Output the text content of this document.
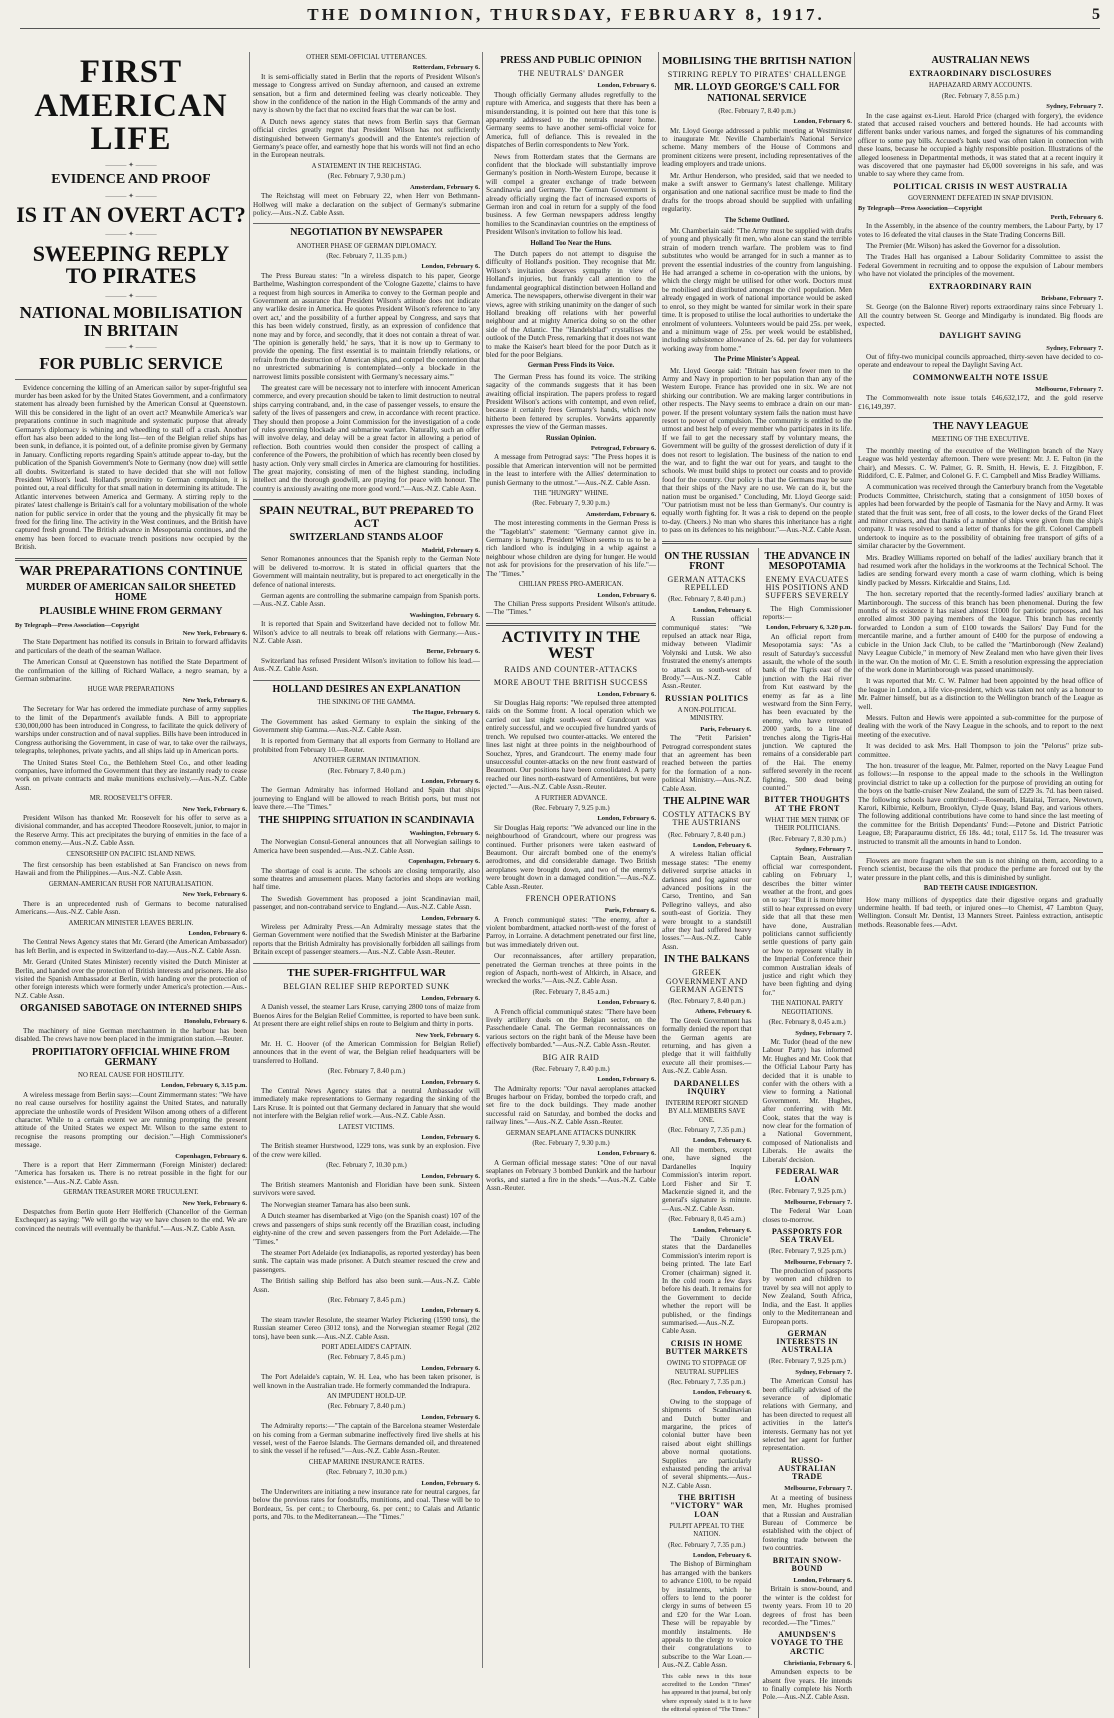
THE DOMINION, THURSDAY, FEBRUARY 8, 1917.	5
FIRST AMERICAN LIFE
——— ✦ ———
EVIDENCE AND PROOF
——— ✦ ———
IS IT AN OVERT ACT?
——— ✦ ———
SWEEPING REPLY TO PIRATES
——— ✦ ———
NATIONAL MOBILISATION IN BRITAIN
——— ✦ ———
FOR PUBLIC SERVICE

Evidence concerning the killing of an American sailor by super-frightful sea murder has been asked for by the United States Government, and a confirmatory statement has already been furnished by the American Consul at Queenstown. Will this be considered in the light of an overt act? Meanwhile America's war preparations continue in such magnitude and systematic purpose that already Germany's diplomacy is whining and wheedling to stall off a crash. Another effort has also been added to the long list—ten of the Belgian relief ships has been sunk, in defiance, it is pointed out, of a definite promise given by Germany in January. Conflicting reports regarding Spain's attitude appear to-day, but the publication of the Spanish Government's Note to Germany (now due) will settle all doubts. Switzerland is stated to have decided that she will not follow President Wilson's lead. Holland's proximity to German compulsion, it is pointed out, a real difficulty for that small nation in determining its attitude. The Atlantic intervenes between America and Germany. A stirring reply to the pirates' latest challenge is Britain's call for a voluntary mobilisation of the whole nation for public service in order that the young and the physically fit may be freed for the firing line. The activity in the West continues, and the British have captured fresh ground. The British advance in Mesopotamia continues, and the enemy has been forced to evacuate trench positions now occupied by the British.

WAR PREPARATIONS CONTINUE
MURDER OF AMERICAN SAILOR SHEETED HOME
PLAUSIBLE WHINE FROM GERMANY
By Telegraph—Press Association—Copyright
New York, February 6.

The State Department has notified its consuls in Britain to forward affidavits and particulars of the death of the seaman Wallace.

The American Consul at Queenstown has notified the State Department of the confirmation of the killing of Richard Wallace, a negro seaman, by a German submarine.

HUGE WAR PREPARATIONS
New York, February 6.

The Secretary for War has ordered the immediate purchase of army supplies to the limit of the Department's available funds. A Bill to appropriate £30,000,000 has been introduced in Congress, to facilitate the quick delivery of warships under construction and of naval supplies. Bills have been introduced in Congress authorising the Government, in case of war, to take over the railways, telegraphs, telephones, private yachts, and all ships laid up in American ports.

The United States Steel Co., the Bethlehem Steel Co., and other leading companies, have informed the Government that they are instantly ready to cease work on private contracts and make munitions exclusively.—Aus.-N.Z. Cable Assn.

MR. ROOSEVELT'S OFFER.
New York, February 6.

President Wilson has thanked Mr. Roosevelt for his offer to serve as a divisional commander, and has accepted Theodore Roosevelt, junior, to major in the Reserve Army. This act precipitates the burying of enmities in the face of a common enemy.—Aus.-N.Z. Cable Assn.

CENSORSHIP ON PACIFIC ISLAND NEWS.

The first censorship has been established at San Francisco on news from Hawaii and from the Philippines.—Aus.-N.Z. Cable Assn.

GERMAN-AMERICAN RUSH FOR NATURALISATION.
New York, February 6.

There is an unprecedented rush of Germans to become naturalised Americans.—Aus.-N.Z. Cable Assn.

AMERICAN MINISTER LEAVES BERLIN.
London, February 6.

The Central News Agency states that Mr. Gerard (the American Ambassador) has left Berlin, and is expected in Switzerland to-day.—Aus.-N.Z. Cable Assn.

Mr. Gerard (United States Minister) recently visited the Dutch Minister at Berlin, and handed over the protection of British interests and prisoners. He also visited the Spanish Ambassador at Berlin, with handing over the protection of other foreign interests which were formerly under America's protection.—Aus.-N.Z. Cable Assn.

ORGANISED SABOTAGE ON INTERNED SHIPS
Honolulu, February 6.

The machinery of nine German merchantmen in the harbour has been disabled. The crews have now been placed in the immigration station.—Reuter.

PROPITIATORY OFFICIAL WHINE FROM GERMANY
NO REAL CAUSE FOR HOSTILITY.
London, February 6, 3.15 p.m.

A wireless message from Berlin says:—Count Zimmermann states: "We have no real cause ourselves for hostility against the United States, and naturally appreciate the unhostile words of President Wilson among others of a different character. While to a certain extent we are running prompting the present attitude of the United States we expect Mr. Wilson to the same extent to recognise the reasons prompting our decision."—High Commissioner's message.

Copenhagen, February 6.

There is a report that Herr Zimmermann (Foreign Minister) declared: "America has forsaken us. There is no retreat possible in the fight for our existence."—Aus.-N.Z. Cable Assn.

GERMAN TREASURER MORE TRUCULENT.
New York, February 6.

Despatches from Berlin quote Herr Helfferich (Chancellor of the German Exchequer) as saying: "We will go the way we have chosen to the end. We are convinced the neutrals will eventually be thankful."—Aus.-N.Z. Cable Assn.

OTHER SEMI-OFFICIAL UTTERANCES.
Rotterdam, February 6.

It is semi-officially stated in Berlin that the reports of President Wilson's message to Congress arrived on Sunday afternoon, and caused an extreme sensation, but a firm and determined feeling was clearly noticeable. They show in the confidence of the nation in the High Commands of the army and navy is shown by the fact that no excited fears that the war can be lost.

A Dutch news agency states that news from Berlin says that German official circles greatly regret that President Wilson has not sufficiently distinguished between Germany's goodwill and the Entente's rejection of Germany's peace offer, and earnestly hope that his words will not find an echo in the European neutrals.

A STATEMENT IN THE REICHSTAG.
(Rec. February 7, 9.30 p.m.)
Amsterdam, February 6.

The Reichstag will meet on February 22, when Herr von Bethmann-Hollweg will make a declaration on the subject of Germany's submarine policy.—Aus.-N.Z. Cable Assn.

NEGOTIATION BY NEWSPAPER
ANOTHER PHASE OF GERMAN DIPLOMACY.
(Rec. February 7, 11.35 p.m.)
London, February 6.

The Press Bureau states: "In a wireless dispatch to his paper, George Barthelme, Washington correspondent of the 'Cologne Gazette,' claims to have a request from high sources in Amerika to convey to the German people and Government an assurance that President Wilson's attitude does not indicate any warlike desire in America. He quotes President Wilson's reference to 'any overt act,' and the possibility of a further appeal by Congress, and says that this has been widely construed, firstly, as an expression of confidence that none may and by force, and secondly, that it does not contain a threat of war. 'The opinion is generally held,' he says, 'that it is now up to Germany to provide the opening. The first essential is to maintain friendly relations, or refrain from the destruction of American ships, and compel the contention that no unrestricted submarining is contemplated—only a blockade in the narrowest limits possible consistent with Germany's necessary aims.'"

The greatest care will be necessary not to interfere with innocent American commerce, and every precaution should be taken to limit destruction to neutral ships carrying contraband, and, in the case of passenger vessels, to ensure the safety of the lives of passengers and crew, in accordance with recent practice. They should then propose a Joint Commission for the investigation of a code of rules governing blockade and submarine warfare. Naturally, such an offer will involve delay, and delay will be a great factor in allowing a period of reflection. Both countries would then consider the prospect of calling a conference of the Powers, the prohibition of which has recently been closed by hasty action. Only very small circles in America are clamouring for hostilities. The great majority, consisting of men of the highest standing, including intellect and the thorough goodwill, are praying for peace with honour. The country is anxiously awaiting one more good word."—Aus.-N.Z. Cable Assn.

SPAIN NEUTRAL, BUT PREPARED TO ACT
SWITZERLAND STANDS ALOOF
Madrid, February 6.

Senor Romanones announces that the Spanish reply to the German Note will be delivered to-morrow. It is stated in official quarters that the Government will maintain neutrality, but is prepared to act energetically in the defence of national interests.

German agents are controlling the submarine campaign from Spanish ports.—Aus.-N.Z. Cable Assn.

Washington, February 6.

It is reported that Spain and Switzerland have decided not to follow Mr. Wilson's advice to all neutrals to break off relations with Germany.—Aus.-N.Z. Cable Assn.

Berne, February 6.

Switzerland has refused President Wilson's invitation to follow his lead.—Aus.-N.Z. Cable Assn.

HOLLAND DESIRES AN EXPLANATION
THE SINKING OF THE GAMMA.
The Hague, February 6.

The Government has asked Germany to explain the sinking of the Government ship Gamma.—Aus.-N.Z. Cable Assn.

It is reported from Germany that all exports from Germany to Holland are prohibited from February 10.—Reuter.

ANOTHER GERMAN INTIMATION.
(Rec. February 7, 8.40 p.m.)
London, February 6.

The German Admiralty has informed Holland and Spain that ships journeying to England will be allowed to reach British ports, but must not leave there.—The "Times."

THE SHIPPING SITUATION IN SCANDINAVIA
Washington, February 6.

The Norwegian Consul-General announces that all Norwegian sailings to America have been suspended.—Aus.-N.Z. Cable Assn.

Copenhagen, February 6.

The shortage of coal is acute. The schools are closing temporarily, also some theatres and amusement places. Many factories and shops are working half time.

The Swedish Government has proposed a joint Scandinavian mail, passenger, and non-contraband service to England.—Aus.-N.Z. Cable Assn.

London, February 6.

Wireless per Admiralty Press.—An Admiralty message states that the German Government were notified that the Swedish Minister at the Barbarine reports that the British Admiralty has provisionally forbidden all sailings from Britain except of passenger steamers.—Aus.-N.Z. Cable Assn.-Reuter.

THE SUPER-FRIGHTFUL WAR
BELGIAN RELIEF SHIP REPORTED SUNK
London, February 6.

A Danish vessel, the steamer Lars Kruse, carrying 2800 tons of maize from Buenos Aires for the Belgian Relief Committee, is reported to have been sunk. At present there are eight relief ships en route to Belgium and thirty in ports.

New York, February 6.

Mr. H. C. Hoover (of the American Commission for Belgian Relief) announces that in the event of war, the Belgian relief headquarters will be transferred to Holland.

(Rec. February 7, 8.40 p.m.)
London, February 6.

The Central News Agency states that a neutral Ambassador will immediately make representations to Germany regarding the sinking of the Lars Kruse. It is pointed out that Germany declared in January that she would not interfere with the Belgian relief work.—Aus.-N.Z. Cable Assn.

LATEST VICTIMS.
London, February 6.

The British steamer Hurstwood, 1229 tons, was sunk by an explosion. Five of the crew were killed.

(Rec. February 7, 10.30 p.m.)
London, February 6.

The British steamers Mantonish and Floridian have been sunk. Sixteen survivors were saved.

The Norwegian steamer Tamara has also been sunk.

A Dutch steamer has disembarked at Vigo (on the Spanish coast) 107 of the crews and passengers of ships sunk recently off the Brazilian coast, including eighty-nine of the crew and seven passengers from the Port Adelaide.—The "Times."

The steamer Port Adelaide (ex Indianapolis, as reported yesterday) has been sunk. The captain was made prisoner. A Dutch steamer rescued the crew and passengers.

The British sailing ship Belford has also been sunk.—Aus.-N.Z. Cable Assn.

(Rec. February 7, 8.45 p.m.)
London, February 6.

The steam trawler Resolute, the steamer Warley Pickering (1590 tons), the Russian steamer Cereo (3012 tons), and the Norwegian steamer Regal (202 tons), have been sunk.—Aus.-N.Z. Cable Assn.

PORT ADELAIDE'S CAPTAIN.
(Rec. February 7, 8.45 p.m.)
London, February 6.

The Port Adelaide's captain, W. H. Lea, who has been taken prisoner, is well known in the Australian trade. He formerly commanded the Indrapura.

AN IMPUDENT HOLD-UP.
(Rec. February 7, 8.40 p.m.)
London, February 6.

The Admiralty reports:—"The captain of the Barcelona steamer Westerdale on his coming from a German submarine ineffectively fired live shells at his vessel, west of the Faeroe Islands. The Germans demanded oil, and threatened to sink the vessel if he refused."—Aus.-N.Z. Cable Assn.-Reuter.

CHEAP MARINE INSURANCE RATES.
(Rec. February 7, 10.30 p.m.)
London, February 6.

The Underwriters are initiating a new insurance rate for neutral cargoes, far below the previous rates for foodstuffs, munitions, and coal. These will be to Bordeaux, 5s. per cent.; to Cherbourg, 6s. per cent.; to Calais and Atlantic ports, and 70s. to the Mediterranean.—The "Times."

PRESS AND PUBLIC OPINION
THE NEUTRALS' DANGER
London, February 6.

Though officially Germany alludes regretfully to the rupture with America, and suggests that there has been a misunderstanding, it is pointed out here that this tone is apparently addressed to the neutrals nearer home. Germany seems to have another semi-official voice for America, full of defiance. This is revealed in the dispatches of Berlin correspondents to New York.

News from Rotterdam states that the Germans are confident that the blockade will substantially improve Germany's position in North-Western Europe, because it will compel a greater exchange of trade between Scandinavia and Germany. The German Government is already officially urging the fact of increased exports of German iron and coal in return for a supply of the food business. A few German newspapers address lengthy homilies to the Scandinavian countries on the emptiness of President Wilson's invitation to follow his lead.

Holland Too Near the Huns.

The Dutch papers do not attempt to disguise the difficulty of Holland's position. They recognise that Mr. Wilson's invitation deserves sympathy in view of Holland's injuries, but frankly call attention to the fundamental geographical distinction between Holland and America. The newspapers, otherwise divergent in their war views, agree with striking unanimity on the danger of such Holland breaking off relations with her powerful neighbour and at mighty America doing so on the other side of the Atlantic. The "Handelsblad" crystallises the outlook of the Dutch Press, remarking that it does not want to make the Kaiser's heart bleed for the poor Dutch as it bled for the poor Belgians.

German Press Finds its Voice.

The German Press has found its voice. The striking sagacity of the commands suggests that it has been awaiting official inspiration. The papers profess to regard President Wilson's actions with contempt, and even relief, because it certainly frees Germany's hands, which now hitherto been fettered by scruples. Vorwärts apparently expresses the view of the German masses.

Russian Opinion.
Petrograd, February 6.

A message from Petrograd says: "The Press hopes it is possible that American intervention will not be permitted in the least to interfere with the Allies' determination to punish Germany to the utmost."—Aus.-N.Z. Cable Assn.

THE "HUNGRY" WHINE.
(Rec. February 7, 9.30 p.m.)
Amsterdam, February 6.

The most interesting comments in the German Press is the "Tageblatt's" statement: "Germany cannot give in. Germany is hungry. President Wilson seems to us to be a rich landlord who is indulging in a whip against a neighbour whose children are dying for hunger. He would not ask for provisions for the preservation of his life."—The "Times."

CHILIAN PRESS PRO-AMERICAN.
London, February 6.

The Chilian Press supports President Wilson's attitude.—The "Times."

ACTIVITY IN THE WEST
RAIDS AND COUNTER-ATTACKS
MORE ABOUT THE BRITISH SUCCESS
London, February 6.

Sir Douglas Haig reports: "We repulsed three attempted raids on the Somme front. A local operation which we carried out last night south-west of Grandcourt was entirely successful, and we occupied five hundred yards of trench. We repulsed two counter-attacks. We entered the lines last night at three points in the neighbourhood of Souchez, Ypres, and Grandcourt. The enemy made four unsuccessful counter-attacks on the new front eastward of Beaumont. Our positions have been consolidated. A party reached our lines north-eastward of Armentières, but were ejected."—Aus.-N.Z. Cable Assn.-Reuter.

A FURTHER ADVANCE.
(Rec. February 7, 9.25 p.m.)
London, February 6.

Sir Douglas Haig reports: "We advanced our line in the neighbourhood of Grandcourt, where our progress was continued. Further prisoners were taken eastward of Beaumont. Our aircraft bombed one of the enemy's aerodromes, and did considerable damage. Two British aeroplanes were brought down, and two of the enemy's were brought down in a damaged condition."—Aus.-N.Z. Cable Assn.-Reuter.

FRENCH OPERATIONS
Paris, February 6.

A French communiqué states: "The enemy, after a violent bombardment, attacked north-west of the forest of Parroy, in Lorraine. A detachment penetrated our first line, but was immediately driven out.

Our reconnaissances, after artillery preparation, penetrated the German trenches at three points in the region of Aspach, north-west of Altkirch, in Alsace, and wrecked the works."—Aus.-N.Z. Cable Assn.

(Rec. February 7, 8.45 a.m.)
London, February 6.

A French official communiqué states: "There have been lively artillery duels on the Belgian sector, on the Passchendaele Canal. The German reconnaissances on various sectors on the right bank of the Meuse have been effectively bombarded."—Aus.-N.Z. Cable Assn.-Reuter.

BIG AIR RAID
(Rec. February 7, 8.40 p.m.)
London, February 6.

The Admiralty reports: "Our naval aeroplanes attacked Bruges harbour on Friday, bombed the torpedo craft, and set fire to the dock buildings. They made another successful raid on Saturday, and bombed the docks and railway lines."—Aus.-N.Z. Cable Assn.-Reuter.

GERMAN SEAPLANE ATTACKS DUNKIRK
(Rec. February 7, 9.30 p.m.)
London, February 6.

A German official message states: "One of our naval seaplanes on February 3 bombed Dunkirk and the harbour works, and started a fire in the sheds."—Aus.-N.Z. Cable Assn.-Reuter.

MOBILISING THE BRITISH NATION
STIRRING REPLY TO PIRATES' CHALLENGE
MR. LLOYD GEORGE'S CALL FOR NATIONAL SERVICE
(Rec. February 7, 8.40 p.m.)
London, February 6.

Mr. Lloyd George addressed a public meeting at Westminster to inaugurate Mr. Neville Chamberlain's National Service scheme. Many members of the House of Commons and prominent citizens were present, including representatives of the leading employers and trade unions.

Mr. Arthur Henderson, who presided, said that we needed to make a swift answer to Germany's latest challenge. Military organisation and one national sacrifice must be made to find the drafts for the troops abroad should be supplied with unfailing regularity.

The Scheme Outlined.

Mr. Chamberlain said: "The Army must be supplied with drafts of young and physically fit men, who alone can stand the terrible strain of modern trench warfare. The problem was to find substitutes who would be arranged for in such a manner as to prevent the essential industries of the country from languishing. He had arranged a scheme in co-operation with the unions, by which the clergy might be utilised for other work. Doctors must be mobilised and distributed amongst the civil population. Men already engaged in work of national importance would be asked to enrol, so they might be wanted for similar work in their spare time. It is proposed to utilise the local authorities to undertake the enrolment of volunteers. Volunteers would be paid 25s. per week, and a minimum wage of 25s. per week would be established, including subsistence allowance of 2s. 6d. per day for volunteers working away from home."

The Prime Minister's Appeal.

Mr. Lloyd George said: "Britain has seen fewer men to the Army and Navy in proportion to her population than any of the Western Europe. France has provided one in six. We are not shirking our contribution. We are making larger contributions in other respects. The Navy seems to embrace a drain on our man-power. If the present voluntary system fails the nation must have resort to power of compulsion. The community is entitled to the utmost and best help of every member who participates in its life. If we fail to get the necessary staff by voluntary means, the Government will be guilty of the grossest dereliction of duty if it does not resort to legislation. The business of the nation to end the war, and to fight the war out for years, and taught to the schools. We must build ships to protect our coasts and to provide food for the country. Our policy is that the Germans may be sure that their ships of the Navy are no use. We can do it, but the nation must be organised." Concluding, Mr. Lloyd George said: "Our patriotism must not be less than Germany's. Our country is equally worth fighting for. It was a risk to depend on the people to-day. (Cheers.) No man who shares this inheritance has a right to pass on its defences to his neighbour."—Aus.-N.Z. Cable Assn.

ON THE RUSSIAN FRONT
GERMAN ATTACKS REPELLED
(Rec. February 7, 8.40 p.m.)
London, February 6.

A Russian official communiqué states: "We repulsed an attack near Riga, midway between Vladimir Volynski and Lutsk. We also frustrated the enemy's attempts to attack us south-west of Brody."—Aus.-N.Z. Cable Assn.-Reuter.

RUSSIAN POLITICS
A NON-POLITICAL MINISTRY.
Paris, February 6.

The "Petit Parisien" Petrograd correspondent states that an agreement has been reached between the parties for the formation of a non-political Ministry.—Aus.-N.Z. Cable Assn.

THE ALPINE WAR
COSTLY ATTACKS BY THE AUSTRIANS
(Rec. February 7, 8.40 p.m.)
London, February 6.

A wireless Italian official message states: "The enemy delivered surprise attacks in darkness and fog against our advanced positions in the Carso, Trentino, and San Pellegrino valleys, and also south-east of Gorizia. They were brought to a standstill after they had suffered heavy losses."—Aus.-N.Z. Cable Assn.

IN THE BALKANS
GREEK GOVERNMENT AND GERMAN AGENTS
(Rec. February 7, 8.40 p.m.)
Athens, February 6.

The Greek Government has formally denied the report that the German agents are returning, and has given a pledge that it will faithfully execute all their promises.—Aus.-N.Z. Cable Assn.

DARDANELLES INQUIRY
INTERIM REPORT SIGNED BY ALL MEMBERS SAVE ONE.
(Rec. February 7, 7.35 p.m.)
London, February 6.

All the members, except one, have signed the Dardanelles Inquiry Commission's interim report. Lord Fisher and Sir T. Mackenzie signed it, and the general's signature is minute.—Aus.-N.Z. Cable Assn.

(Rec. February 8, 0.45 a.m.)
London, February 6.

The "Daily Chronicle" states that the Dardanelles Commission's interim report is being printed. The late Earl Cromer (chairman) signed it. In the cold room a few days before his death. It remains for the Government to decide whether the report will be published, or the findings summarised.—Aus.-N.Z. Cable Assn.

CRISIS IN HOME BUTTER MARKETS
OWING TO STOPPAGE OF NEUTRAL SUPPLIES
(Rec. February 7, 7.35 p.m.)
London, February 6.

Owing to the stoppage of shipments of Scandinavian and Dutch butter and margarine, the prices of colonial butter have been raised about eight shillings above normal quotations. Supplies are particularly exhausted pending the arrival of several shipments.—Aus.-N.Z. Cable Assn.

THE BRITISH "VICTORY" WAR LOAN
PULPIT APPEAL TO THE NATION.
(Rec. February 7, 7.35 p.m.)
London, February 6.

The Bishop of Birmingham has arranged with the bankers to advance £100, to be repaid by instalments, which he offers to lend to the poorer clergy in sums of between £5 and £20 for the War Loan. These will be repayable by monthly instalments. He appeals to the clergy to voice their congratulations to subscribe to the War Loan.—Aus.-N.Z. Cable Assn.

This cable news in this issue accredited to the London "Times" has appeared in that journal, but only where expressly stated is it to have the editorial opinion of "The Times."

THE ADVANCE IN MESOPOTAMIA
ENEMY EVACUATES HIS POSITIONS AND SUFFERS SEVERELY

The High Commissioner reports:—

London, February 6, 3.20 p.m.

An official report from Mesopotamia says: "As a result of Saturday's successful assault, the whole of the south bank of the Tigris east of the junction with the Hai river from Kut eastward by the enemy as far as a line westward from the Sinn Ferry, has been evacuated by the enemy, who have retreated 2000 yards, to a line of trenches along the Tigris-Hai junction. We captured the remains of a considerable part of the Hai. The enemy suffered severely in the recent fighting, 500 dead being counted."

BITTER THOUGHTS AT THE FRONT
WHAT THE MEN THINK OF THEIR POLITICIANS.
(Rec. February 7, 8.30 p.m.)
Sydney, February 7.

Captain Bean, Australian official war correspondent, cabling on February 1, describes the bitter winter weather at the front, and goes on to say: "But it is more bitter still to hear expressed on every side that all that these men have done, Australian politicians cannot sufficiently settle questions of party gain or how to represent vitally in the Imperial Conference their common Australian ideals of justice and right which they have been fighting and dying for."

THE NATIONAL PARTY NEGOTIATIONS.
(Rec. February 8, 0.45 a.m.)
Sydney, February 7.

Mr. Tudor (head of the new Labour Party) has informed Mr. Hughes and Mr. Cook that the Official Labour Party has decided that it is unable to confer with the others with a view to forming a National Government. Mr. Hughes, after conferring with Mr. Cook, states that the way is now clear for the formation of a National Government, composed of Nationalists and Liberals. He awaits the Liberals' decision.

FEDERAL WAR LOAN
(Rec. February 7, 9.25 p.m.)
Melbourne, February 7.

The Federal War Loan closes to-morrow.

PASSPORTS FOR SEA TRAVEL
(Rec. February 7, 9.25 p.m.)
Melbourne, February 7.

The production of passports by women and children to travel by sea will not apply to New Zealand, South Africa, India, and the East. It applies only to the Mediterranean and European ports.

GERMAN INTERESTS IN AUSTRALIA
(Rec. February 7, 9.25 p.m.)
Sydney, February 7.

The American Consul has been officially advised of the severance of diplomatic relations with Germany, and has been directed to request all activities in the latter's interests. Germany has not yet selected her agent for further representation.

RUSSO-AUSTRALIAN TRADE
Melbourne, February 7.

At a meeting of business men, Mr. Hughes promised that a Russian and Australian Bureau of Commerce be established with the object of fostering trade between the two countries.

BRITAIN SNOW-BOUND
London, February 6.

Britain is snow-bound, and the winter is the coldest for twenty years. From 10 to 20 degrees of frost has been recorded.—The "Times."

AMUNDSEN'S VOYAGE TO THE ARCTIC
Christiania, February 6.

Amundsen expects to be absent five years. He intends to finally complete his North Pole.—Aus.-N.Z. Cable Assn.

AUSTRALIAN NEWS
EXTRAORDINARY DISCLOSURES
HAPHAZARD ARMY ACCOUNTS.
(Rec. February 7, 8.55 p.m.)
Sydney, February 7.

In the case against ex-Lieut. Harold Price (charged with forgery), the evidence stated that accused raised vouchers and bettered hounds. He had accounts with different banks under various names, and forged the signatures of his commanding officer to some pay bills. Accused's bank used was often taken in connection with these loans, because he occupied a highly responsible position. Illustrations of the alleged looseness in Departmental methods, it was stated that at a recent inquiry it was discovered that one paymaster had £6,000 sovereigns in his safe, and was unable to say where they came from.

POLITICAL CRISIS IN WEST AUSTRALIA
GOVERNMENT DEFEATED IN SNAP DIVISION.
By Telegraph—Press Association—Copyright
Perth, February 6.

In the Assembly, in the absence of the country members, the Labour Party, by 17 votes to 16 defeated the vital clauses in the State Trading Concerns Bill.

The Premier (Mr. Wilson) has asked the Governor for a dissolution.

The Trades Hall has organised a Labour Solidarity Committee to assist the Federal Government in recruiting and to oppose the expulsion of Labour members who have not violated the principles of the movement.

EXTRAORDINARY RAIN
Brisbane, February 7.

St. George (on the Balonne River) reports extraordinary rains since February 1. All the country between St. George and Mindigarby is inundated. Big floods are expected.

DAYLIGHT SAVING
Sydney, February 7.

Out of fifty-two municipal councils approached, thirty-seven have decided to co-operate and endeavour to repeal the Daylight Saving Act.

COMMONWEALTH NOTE ISSUE
Melbourne, February 7.

The Commonwealth note issue totals £46,632,172, and the gold reserve £16,149,397.

THE NAVY LEAGUE
MEETING OF THE EXECUTIVE.

The monthly meeting of the executive of the Wellington branch of the Navy League was held yesterday afternoon. There were present: Mr. J. E. Fulton (in the chair), and Messrs. C. W. Palmer, G. R. Smith, H. Hewis, E. J. Fitzgibbon, F. Riddiford, C. E. Palmer, and Colonel G. F. C. Campbell and Miss Bradley Williams.

A communication was received through the Canterbury branch from the Vegetable Products Committee, Christchurch, stating that a consignment of 1050 boxes of apples had been forwarded by the people of Tasmania for the Navy and Army. It was stated that the fruit was sent, free of all costs, to the lower decks of the Grand Fleet and minor cruisers, and that thanks of a number of ships were given from the ship's company. It was resolved to send a letter of thanks for the gift. Colonel Campbell undertook to inquire as to the possibility of obtaining free transport of gifts of a similar character by the Government.

Mrs. Bradley Williams reported on behalf of the ladies' auxiliary branch that it had resumed work after the holidays in the workrooms at the Technical School. The ladies are sending forward every month a case of warm clothing, which is being kindly packed by Messrs. Kirkcaldie and Stains, Ltd.

The hon. secretary reported that the recently-formed ladies' auxiliary branch at Martinborough. The success of this branch has been phenomenal. During the few months of its existence it has raised almost £1000 for patriotic purposes, and has enrolled almost 300 paying members of the league. This branch has recently forwarded to London a sum of £100 towards the Sailors' Day Fund for the mercantile marine, and a further amount of £400 for the purpose of endowing a cubicle in the Union Jack Club, to be called the "Martinborough (New Zealand) Navy League Cubicle," in memory of New Zealand men who have given their lives in the war. On the motion of Mr. C. E. Smith a resolution expressing the appreciation of the work done in Martinborough was passed unanimously.

It was reported that Mr. C. W. Palmer had been appointed by the head office of the league in London, a life vice-president, which was taken not only as a honour to Mr. Palmer himself, but as a distinction to the Wellington branch of the League as well.

Messrs. Fulton and Hewis were appointed a sub-committee for the purpose of dealing with the work of the Navy League in the schools, and to report to the next meeting of the executive.

It was decided to ask Mrs. Hall Thompson to join the "Pelorus" prize sub-committee.

The hon. treasurer of the league, Mr. Palmer, reported on the Navy League Fund as follows:—In response to the appeal made to the schools in the Wellington provincial district to take up a collection for the purpose of providing an outing for the boys on the battle-cruiser New Zealand, the sum of £229 3s. 7d. has been raised. The following schools have contributed:—Roseneath, Hataitai, Terrace, Newtown, Karori, Kilbirnie, Kelburn, Brooklyn, Clyde Quay, Island Bay, and various others. The following additional contributions have come to hand since the last meeting of the committee for the British Dependants' Fund:—Petone and District Patriotic League, £8; Paraparaumu district, £6 18s. 4d.; total, £117 5s. 1d. The treasurer was instructed to transmit all the amounts in hand to London.

Flowers are more fragrant when the sun is not shining on them, according to a French scientist, because the oils that produce the perfume are forced out by the water pressure in the plant cells, and this is diminished by sunlight.

BAD TEETH CAUSE INDIGESTION.

How many millions of dyspeptics date their digestive organs and gradually undermine health. If bad teeth, or injured ones—to Chemist, 47 Lambton Quay, Wellington. Consult Mr. Dentist, 13 Manners Street. Painless extraction, antiseptic methods. Reasonable fees.—Advt.
